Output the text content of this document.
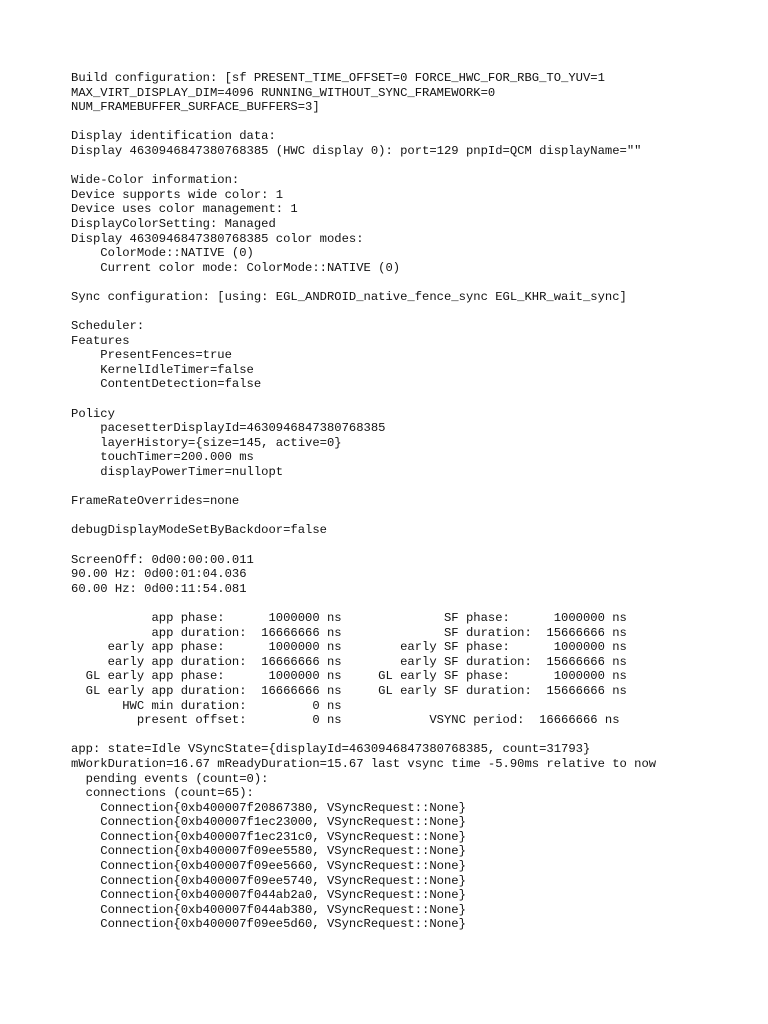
Build configuration: [sf PRESENT_TIME_OFFSET=0 FORCE_HWC_FOR_RBG_TO_YUV=1
MAX_VIRT_DISPLAY_DIM=4096 RUNNING_WITHOUT_SYNC_FRAMEWORK=0
NUM_FRAMEBUFFER_SURFACE_BUFFERS=3]
Display identification data:
Display 4630946847380768385 (HWC display 0): port=129 pnpId=QCM displayName=""
Wide-Color information:
Device supports wide color: 1
Device uses color management: 1
DisplayColorSetting: Managed
Display 4630946847380768385 color modes:
ColorMode::NATIVE (0)
Current color mode: ColorMode::NATIVE (0)
Sync configuration: [using: EGL_ANDROID_native_fence_sync EGL_KHR_wait_sync]
Scheduler:
Features
PresentFences=true
KernelIdleTimer=false
ContentDetection=false
Policy
pacesetterDisplayId=4630946847380768385
layerHistory={size=145, active=0}
touchTimer=200.000 ms
displayPowerTimer=nullopt
FrameRateOverrides=none
debugDisplayModeSetByBackdoor=false
ScreenOff: 0d00:00:00.011
90.00 Hz: 0d00:01:04.036
60.00 Hz: 0d00:11:54.081
app phase:      1000000 ns              SF phase:      1000000 ns
app duration:  16666666 ns              SF duration:  15666666 ns
early app phase:      1000000 ns        early SF phase:      1000000 ns
early app duration:  16666666 ns        early SF duration:  15666666 ns
GL early app phase:      1000000 ns     GL early SF phase:      1000000 ns
GL early app duration:  16666666 ns     GL early SF duration:  15666666 ns
HWC min duration:         0 ns
present offset:         0 ns            VSYNC period:  16666666 ns
app: state=Idle VSyncState={displayId=4630946847380768385, count=31793}
mWorkDuration=16.67 mReadyDuration=15.67 last vsync time -5.90ms relative to now
pending events (count=0):
connections (count=65):
Connection{0xb400007f20867380, VSyncRequest::None}
Connection{0xb400007f1ec23000, VSyncRequest::None}
Connection{0xb400007f1ec231c0, VSyncRequest::None}
Connection{0xb400007f09ee5580, VSyncRequest::None}
Connection{0xb400007f09ee5660, VSyncRequest::None}
Connection{0xb400007f09ee5740, VSyncRequest::None}
Connection{0xb400007f044ab2a0, VSyncRequest::None}
Connection{0xb400007f044ab380, VSyncRequest::None}
Connection{0xb400007f09ee5d60, VSyncRequest::None}
